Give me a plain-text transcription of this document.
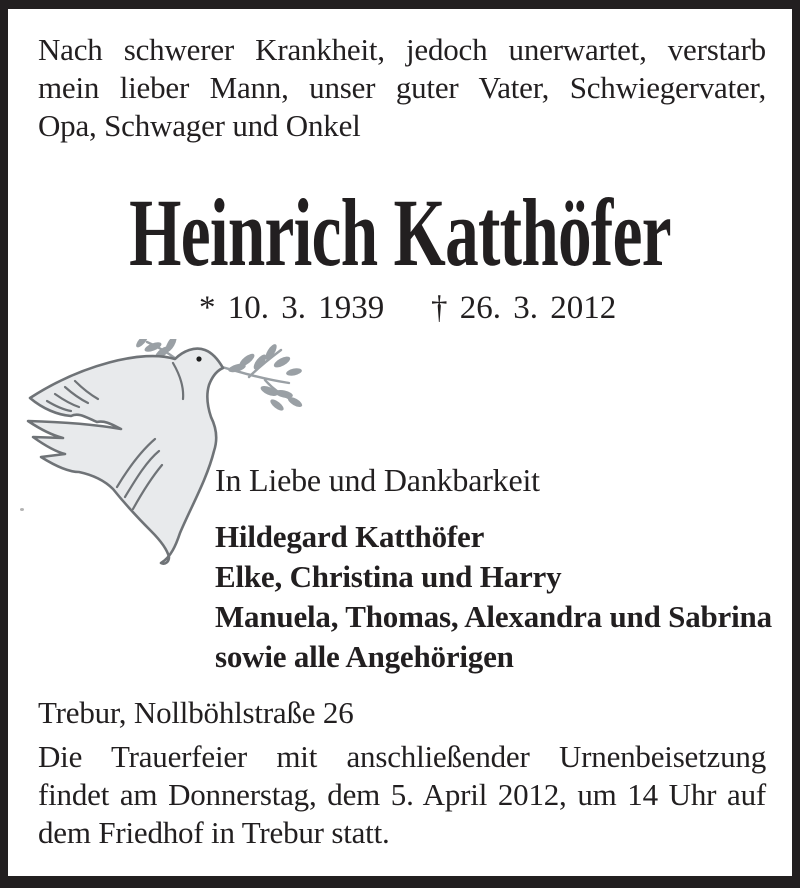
Nach schwerer Krankheit, jedoch unerwartet, verstarb
mein lieber Mann, unser guter Vater, Schwiegervater,
Opa, Schwager und Onkel
Heinrich Katthöfer
* 10. 3. 1939 † 26. 3. 2012
In Liebe und Dankbarkeit
Hildegard Katthöfer
Elke, Christina und Harry
Manuela, Thomas, Alexandra und Sabrina
sowie alle Angehörigen
Trebur, Nollböhlstraße 26
Die Trauerfeier mit anschließender Urnenbeisetzung
findet am Donnerstag, dem 5. April 2012, um 14 Uhr auf
dem Friedhof in Trebur statt.
